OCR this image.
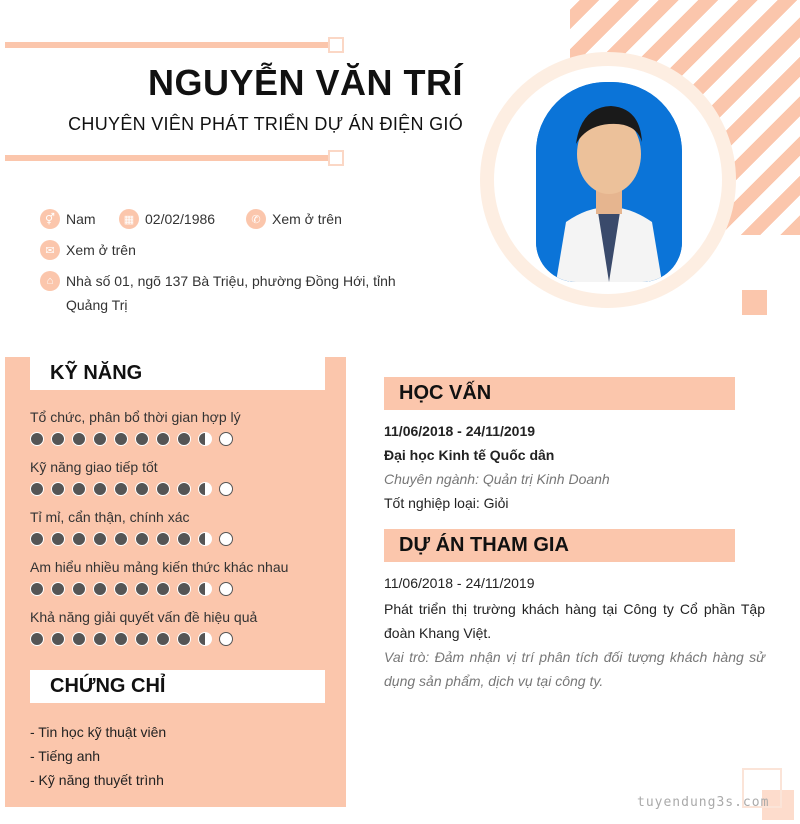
NGUYỄN VĂN TRÍ
CHUYÊN VIÊN PHÁT TRIỂN DỰ ÁN ĐIỆN GIÓ
⚥ Nam	▦ 02/02/1986	✆ Xem ở trên
✉ Xem ở trên
⌂ Nhà số 01, ngõ 137 Bà Triệu, phường Đồng Hới, tỉnh Quảng Trị
KỸ NĂNG
Tổ chức, phân bổ thời gian hợp lý
Kỹ năng giao tiếp tốt
Tỉ mỉ, cẩn thận, chính xác
Am hiểu nhiều mảng kiến thức khác nhau
Khả năng giải quyết vấn đề hiệu quả
CHỨNG CHỈ
- Tin học kỹ thuật viên
- Tiếng anh
- Kỹ năng thuyết trình
HỌC VẤN
11/06/2018 - 24/11/2019
Đại học Kinh tế Quốc dân
Chuyên ngành: Quản trị Kinh Doanh
Tốt nghiệp loại: Giỏi
DỰ ÁN THAM GIA
11/06/2018 - 24/11/2019
Phát triển thị trường khách hàng tại Công ty Cổ phần Tập đoàn Khang Việt.
Vai trò: Đảm nhận vị trí phân tích đối tượng khách hàng sử dụng sản phẩm, dịch vụ tại công ty.
tuyendung3s.com
